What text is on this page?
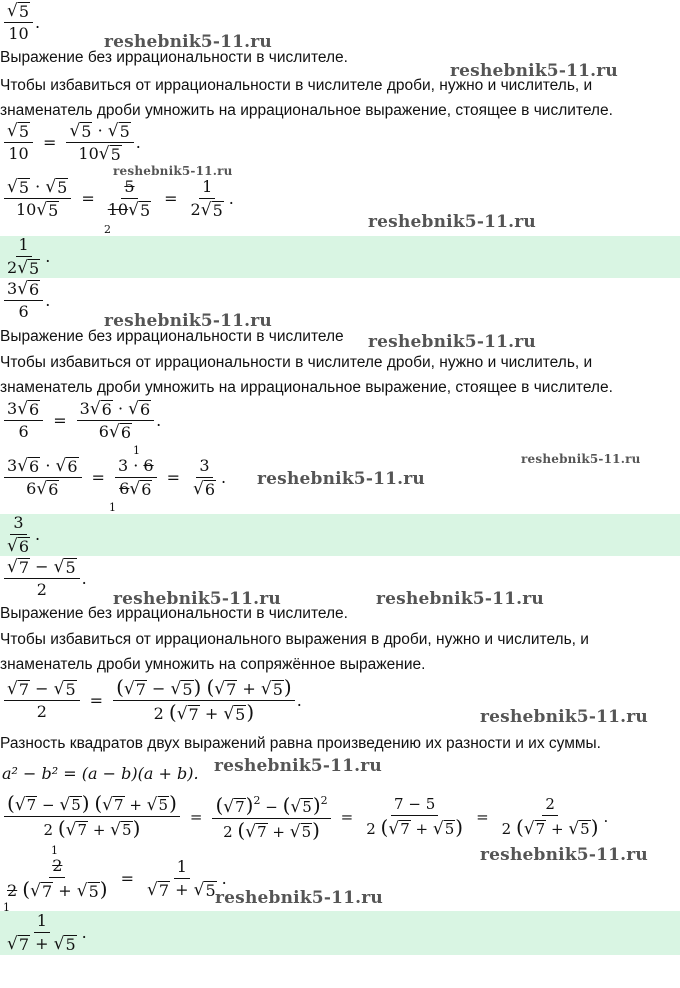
$\frac{√ 5}{10}$ .
reshebnik5-11.ru
Выражение без иррациональности в числителе.
reshebnik5-11.ru
Чтобы избавиться от иррациональности в числителе дроби, нужно и числитель, и
знаменатель дроби умножить на иррациональное выражение, стоящее в числителе.
$\frac{√ 5}{10} = \frac{√ 5 \cdot √ 5}{10 √ 5}$ .
reshebnik5-11.ru
$\frac{√ 5 \cdot √ 5}{10 √ 5} = \frac{5}{10 √ 5} = \frac{1}{2 √ 5}$ .
2	reshebnik5-11.ru
$\frac{1}{2 √ 5}$ .
$\frac{3 √ 6}{6}$ .
reshebnik5-11.ru
Выражение без иррациональности в числителе reshebnik5-11.ru
Чтобы избавиться от иррациональности в числителе дроби, нужно и числитель, и
знаменатель дроби умножить на иррациональное выражение, стоящее в числителе.
$\frac{3 √ 6}{6} = \frac{3 √ 6 \cdot √ 6}{6 √ 6}$ .
reshebnik5-11.ru
1
$\frac{3 √ 6 \cdot √ 6}{6 √ 6} = \frac{3 \cdot 6}{6 √ 6} = \frac{3}{√ 6}$ .
1
reshebnik5-11.ru
$\frac{3}{√ 6}$ .
$\frac{√ 7 - √ 5}{2}$ .
reshebnik5-11.ru	reshebnik5-11.ru
Выражение без иррациональности в числителе.
Чтобы избавиться от иррационального выражения в дроби, нужно и числитель, и
знаменатель дроби умножить на сопряжённое выражение.
$\frac{√ 7 - √ 5}{2} = \frac{( √ 7 - √ 5 ) ( √ 7 + √ 5 )}{2 ( √ 7 + √ 5 )}$ .
reshebnik5-11.ru
Разность квадратов двух выражений равна произведению их разности и их суммы.
a² − b² = (a − b)(a + b). reshebnik5-11.ru
$\frac{( √ 7 - √ 5 ) ( √ 7 + √ 5 )}{2 ( √ 7 + √ 5 )} = \frac{( √ 7 )^2 - ( √ 5 )^2}{2 ( √ 7 + √ 5 )} = \frac{7 - 5}{2 ( √ 7 + √ 5 )} = \frac{2}{2 ( √ 7 + √ 5 )}$ .
reshebnik5-11.ru
1
$\frac{2}{2 ( √ 7 + √ 5 )} = \frac{1}{√ 7 + √ 5}$ .
1	reshebnik5-11.ru
$\frac{1}{√ 7 + √ 5}$ .
